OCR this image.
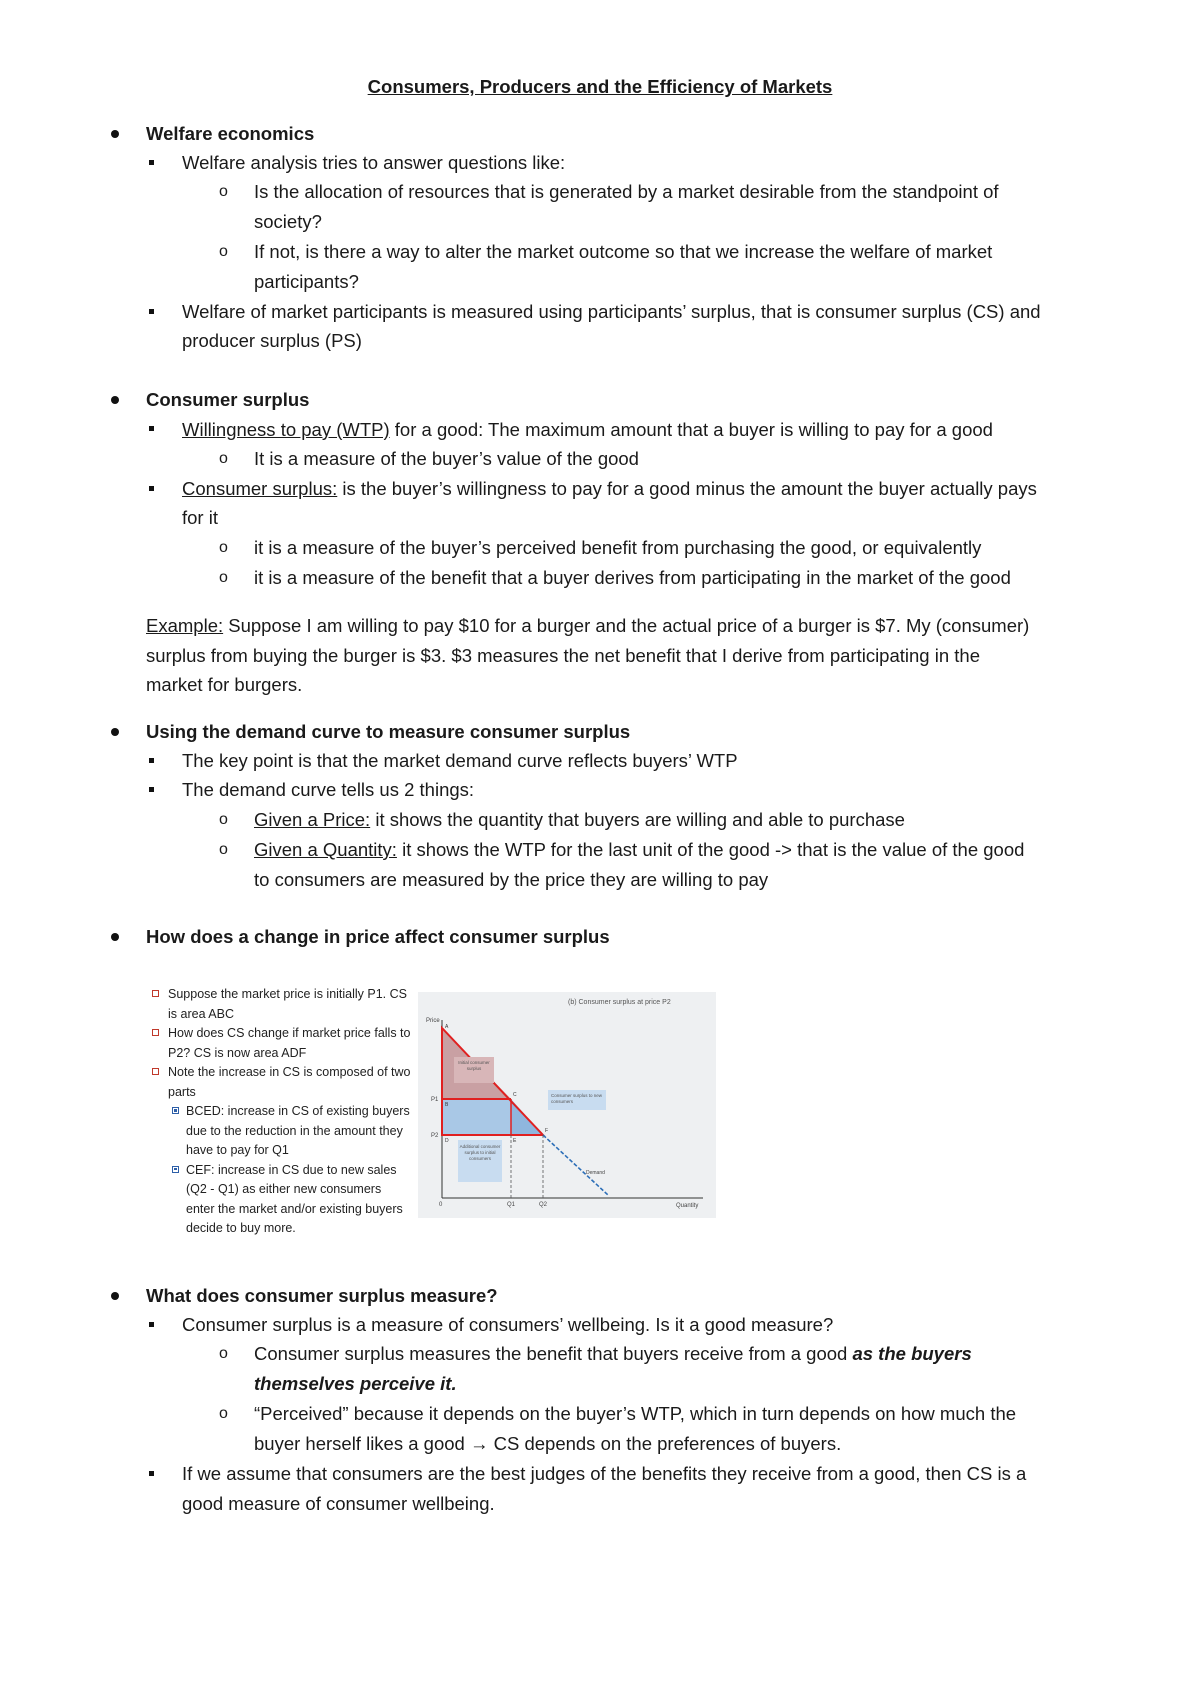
Consumers, Producers and the Efficiency of Markets
Welfare economics
Welfare analysis tries to answer questions like:
o Is the allocation of resources that is generated by a market desirable from the standpoint of
society?
o If not, is there a way to alter the market outcome so that we increase the welfare of market
participants?
Welfare of market participants is measured using participants’ surplus, that is consumer surplus (CS) and
producer surplus (PS)
Consumer surplus
Willingness to pay (WTP) for a good: The maximum amount that a buyer is willing to pay for a good
o It is a measure of the buyer’s value of the good
Consumer surplus: is the buyer’s willingness to pay for a good minus the amount the buyer actually pays
for it
o it is a measure of the buyer’s perceived benefit from purchasing the good, or equivalently
o it is a measure of the benefit that a buyer derives from participating in the market of the good
Example: Suppose I am willing to pay $10 for a burger and the actual price of a burger is $7. My (consumer)
surplus from buying the burger is $3. $3 measures the net benefit that I derive from participating in the
market for burgers.
Using the demand curve to measure consumer surplus
The key point is that the market demand curve reflects buyers’ WTP
The demand curve tells us 2 things:
o Given a Price: it shows the quantity that buyers are willing and able to purchase
o Given a Quantity: it shows the WTP for the last unit of the good -> that is the value of the good
to consumers are measured by the price they are willing to pay
How does a change in price affect consumer surplus
Suppose the market price is initially P1. CS is area ABC
How does CS change if market price falls to P2? CS is now area ADF
Note the increase in CS is composed of two parts
BCED: increase in CS of existing buyers due to the reduction in the amount they have to pay for Q1
CEF: increase in CS due to new sales (Q2 - Q1) as either new consumers enter the market and/or existing buyers decide to buy more.
(b) Consumer surplus at price P2
Price
Quantity
P1
P2
0	Q1	Q2
A
B
C
D	E
F
Initial consumer surplus
Consumer surplus to new consumers
Additional consumer surplus to initial consumers
Demand
What does consumer surplus measure?
Consumer surplus is a measure of consumers’ wellbeing. Is it a good measure?
o Consumer surplus measures the benefit that buyers receive from a good as the buyers
themselves perceive it.
o “Perceived” because it depends on the buyer’s WTP, which in turn depends on how much the
buyer herself likes a good → CS depends on the preferences of buyers.
If we assume that consumers are the best judges of the benefits they receive from a good, then CS is a
good measure of consumer wellbeing.
